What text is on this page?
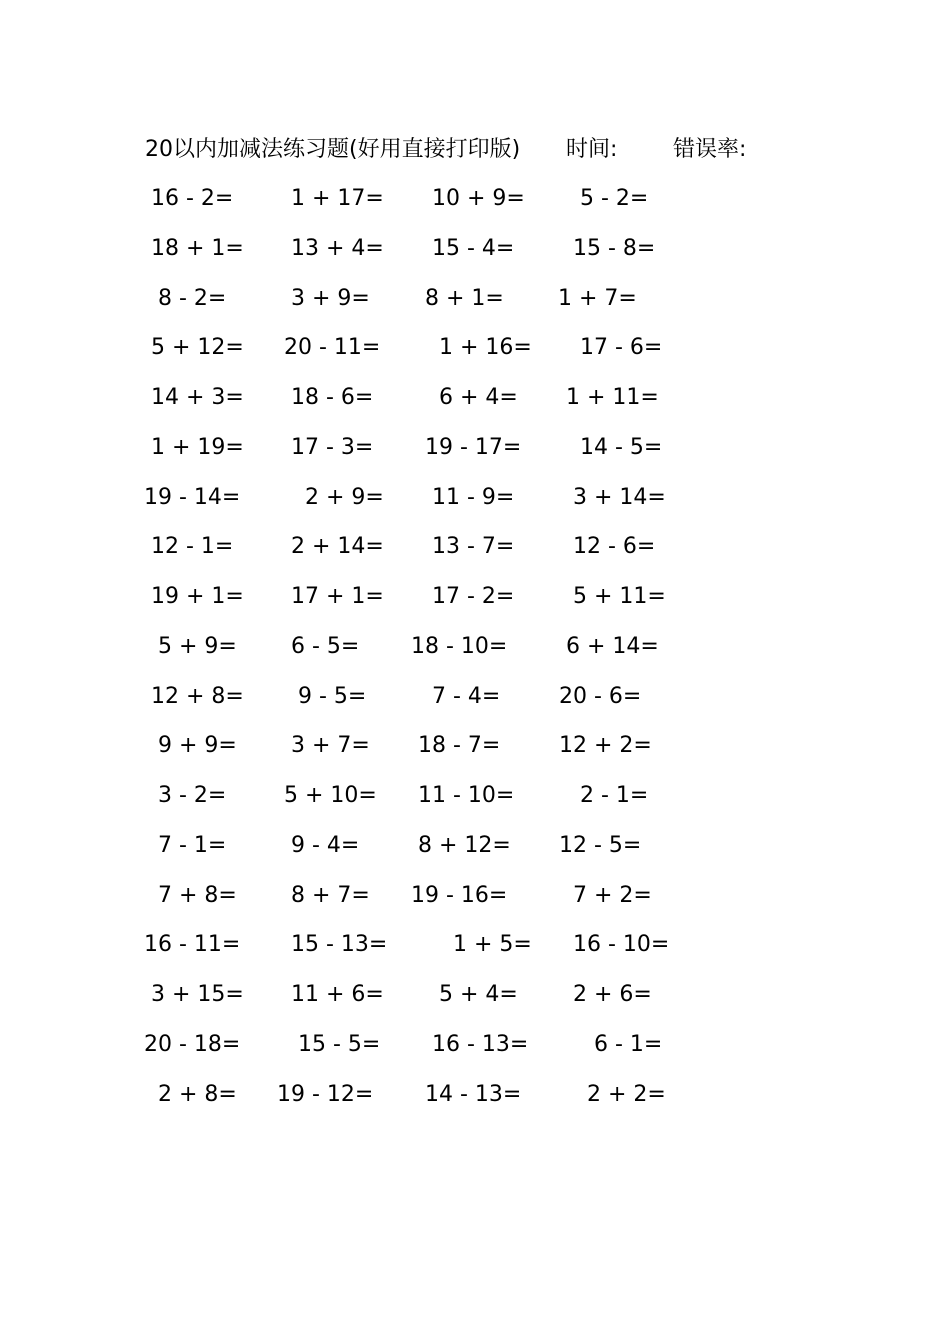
20以内加减法练习题(好用直接打印版) 时间:	错误率:
16 - 2=	1 + 17= 10 + 9=	5 - 2=
18 + 1= 13 + 4= 15 - 4=	15 - 8=
8 - 2=	3 + 9=	8 + 1= 1 + 7=
5 + 12= 20 - 11=	1 + 16= 17 - 6=
14 + 3= 18 - 6=	6 + 4= 1 + 11=
1 + 19= 17 - 3= 19 - 17=	14 - 5=
19 - 14=	2 + 9= 11 - 9=	3 + 14=
12 - 1=	2 + 14= 13 - 7=	12 - 6=
19 + 1= 17 + 1= 17 - 2=	5 + 11=
5 + 9= 6 - 5= 18 - 10=	6 + 14=
12 + 8= 9 - 5=	7 - 4=	20 - 6=
9 + 9= 3 + 7= 18 - 7=	12 + 2=
3 - 2=	5 + 10= 11 - 10=	2 - 1=
7 - 1=	9 - 4=	8 + 12= 12 - 5=
7 + 8= 8 + 7= 19 - 16=	7 + 2=
16 - 11= 15 - 13=	1 + 5= 16 - 10=
3 + 15= 11 + 6=	5 + 4=	2 + 6=
20 - 18=	15 - 5= 16 - 13=	6 - 1=
2 + 8= 19 - 12= 14 - 13=	2 + 2=
